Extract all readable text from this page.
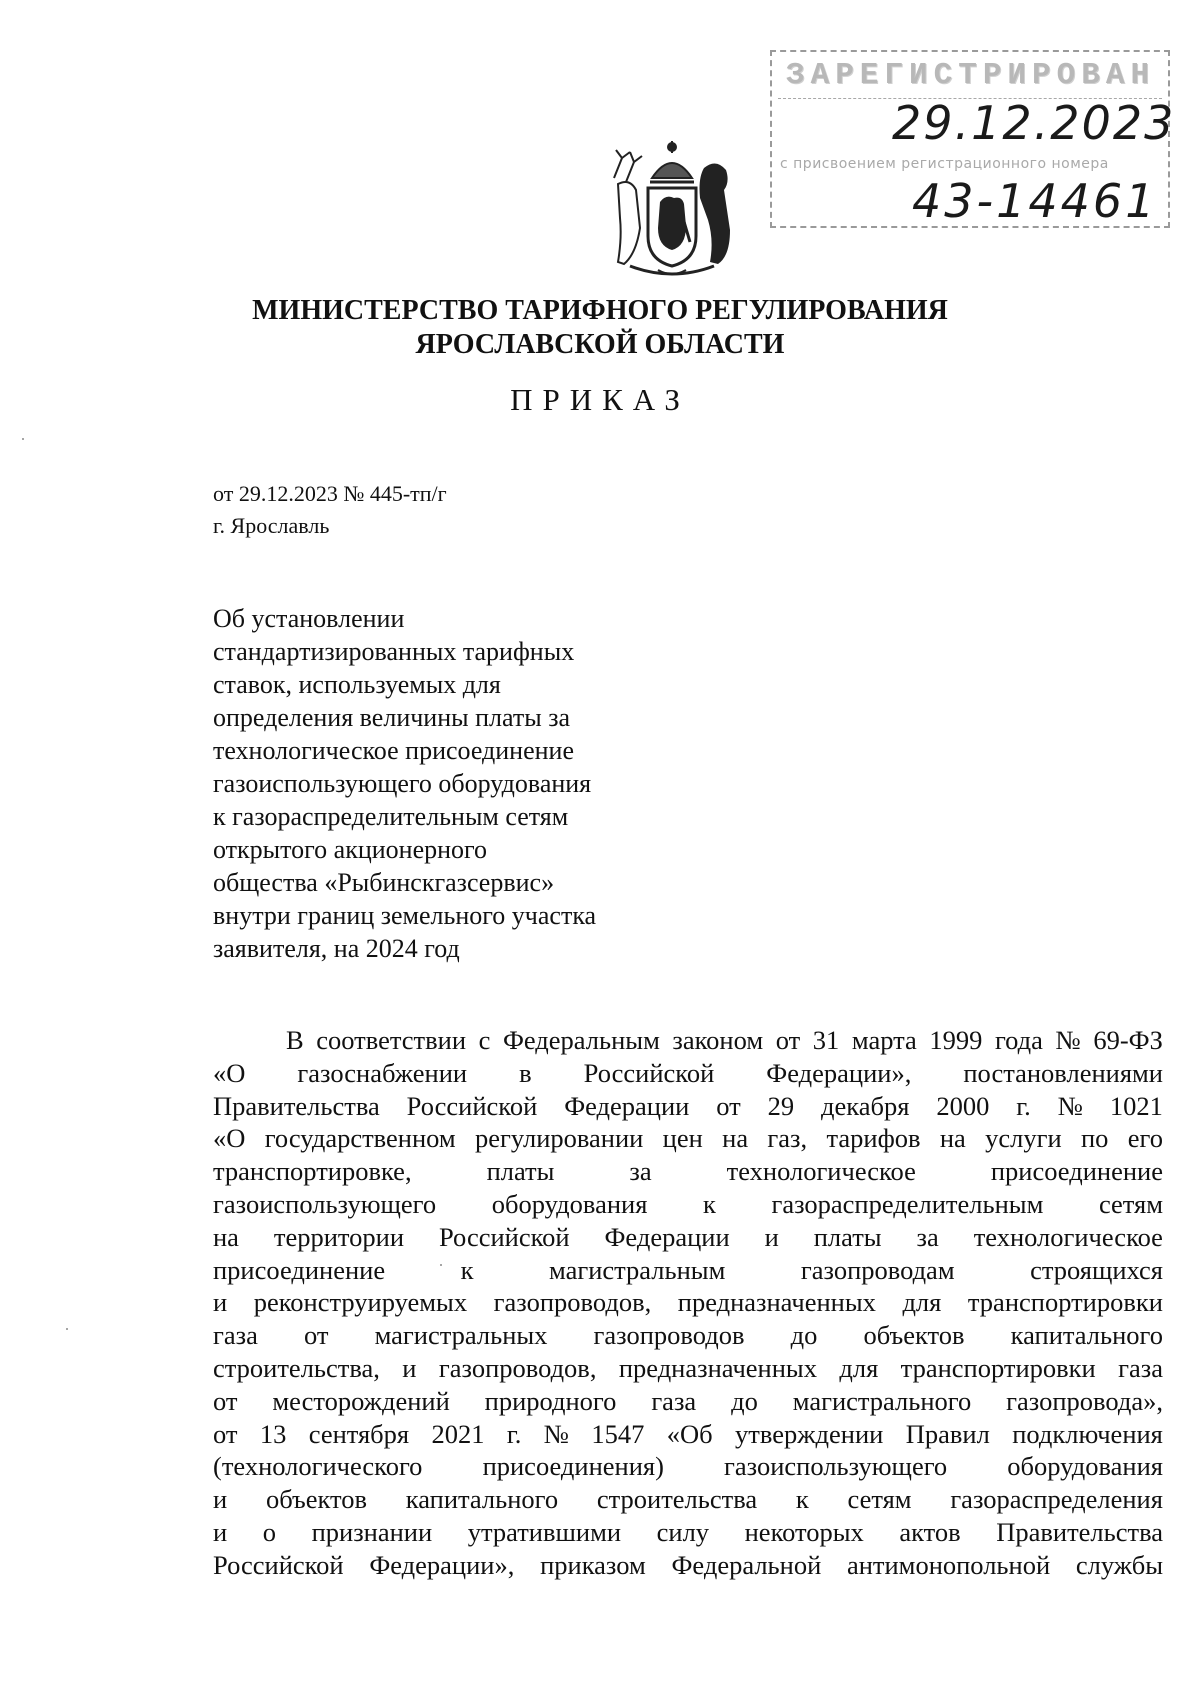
ЗАРЕГИСТРИРОВАН
29.12.2023
с присвоением регистрационного номера
43-14461
МИНИСТЕРСТВО ТАРИФНОГО РЕГУЛИРОВАНИЯ
ЯРОСЛАВСКОЙ ОБЛАСТИ
ПРИКАЗ
от 29.12.2023 № 445-тп/г
г. Ярославль
Об установлении
стандартизированных тарифных
ставок, используемых для
определения величины платы за
технологическое присоединение
газоиспользующего оборудования
к газораспределительным сетям
открытого акционерного
общества «Рыбинскгазсервис»
внутри границ земельного участка
заявителя, на 2024 год
В соответствии с Федеральным законом от 31 марта 1999 года № 69-ФЗ
«О газоснабжении в Российской Федерации», постановлениями
Правительства Российской Федерации от 29 декабря 2000 г. № 1021
«О государственном регулировании цен на газ, тарифов на услуги по его
транспортировке,	платы	за	технологическое	присоединение
газоиспользующего оборудования к газораспределительным сетям
на территории Российской Федерации и платы за технологическое
присоединение	к	магистральным	газопроводам	строящихся
и реконструируемых газопроводов, предназначенных для транспортировки
газа от магистральных газопроводов до объектов капитального
строительства, и газопроводов, предназначенных для транспортировки газа
от месторождений природного газа до магистрального газопровода»,
от 13 сентября 2021 г. № 1547 «Об утверждении Правил подключения
(технологического присоединения) газоиспользующего оборудования
и объектов капитального строительства к сетям газораспределения
и о признании утратившими силу некоторых актов Правительства
Российской Федерации», приказом Федеральной антимонопольной службы
